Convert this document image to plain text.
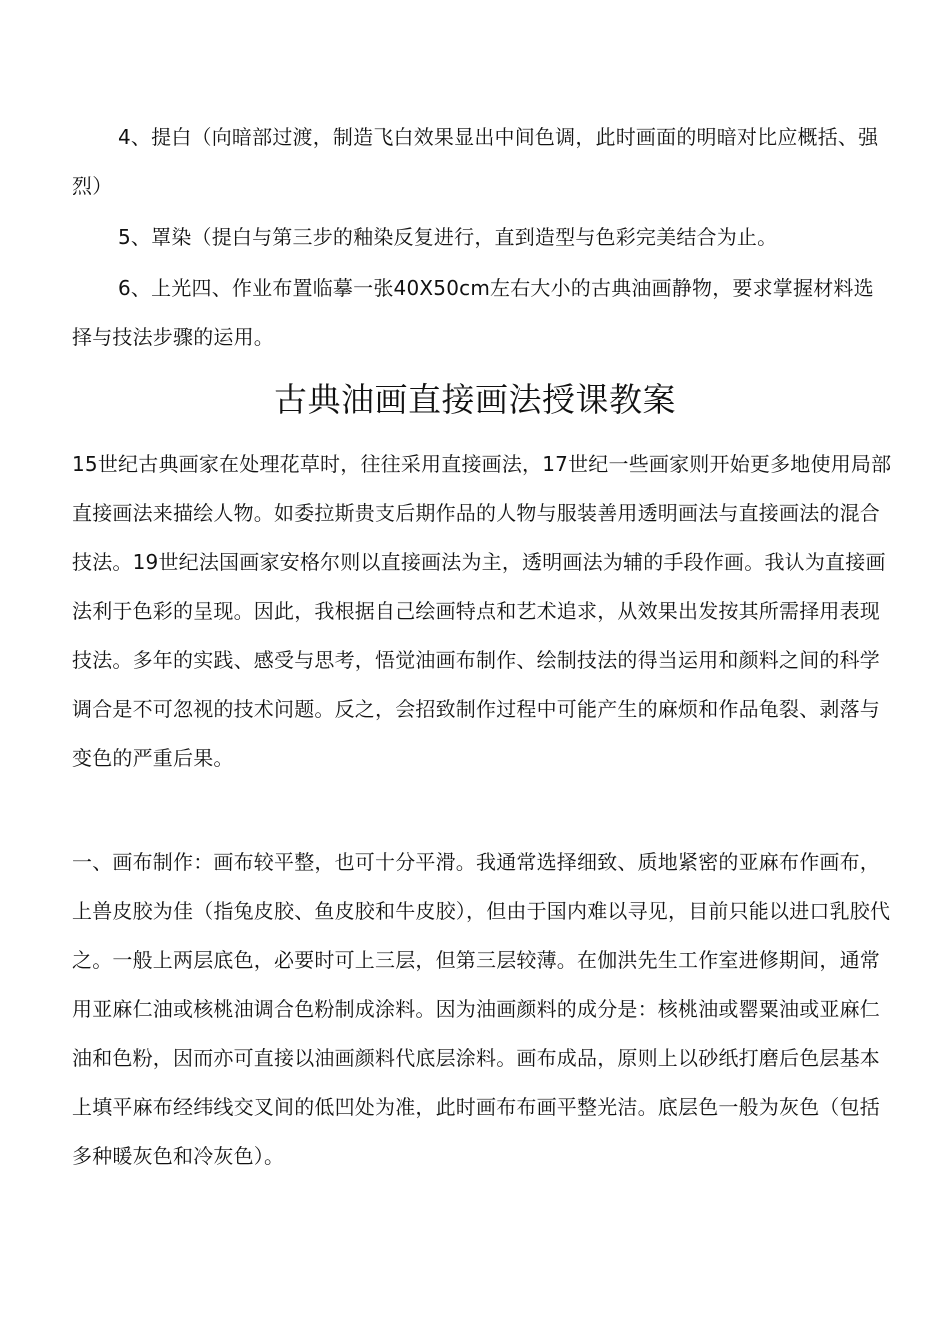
4、提白（向暗部过渡，制造飞白效果显出中间色调，此时画面的明暗对比应概括、强烈）

5、罩染（提白与第三步的釉染反复进行，直到造型与色彩完美结合为止。

6、上光四、作业布置临摹一张40X50cm左右大小的古典油画静物，要求掌握材料选择与技法步骤的运用。

古典油画直接画法授课教案

15世纪古典画家在处理花草时，往往采用直接画法，17世纪一些画家则开始更多地使用局部直接画法来描绘人物。如委拉斯贵支后期作品的人物与服装善用透明画法与直接画法的混合技法。19世纪法国画家安格尔则以直接画法为主，透明画法为辅的手段作画。我认为直接画法利于色彩的呈现。因此，我根据自己绘画特点和艺术追求，从效果出发按其所需择用表现技法。多年的实践、感受与思考，悟觉油画布制作、绘制技法的得当运用和颜料之间的科学调合是不可忽视的技术问题。反之，会招致制作过程中可能产生的麻烦和作品龟裂、剥落与变色的严重后果。

一、画布制作：画布较平整，也可十分平滑。我通常选择细致、质地紧密的亚麻布作画布，上兽皮胶为佳（指兔皮胶、鱼皮胶和牛皮胶），但由于国内难以寻见，目前只能以进口乳胶代之。一般上两层底色，必要时可上三层，但第三层较薄。在伽洪先生工作室进修期间，通常用亚麻仁油或核桃油调合色粉制成涂料。因为油画颜料的成分是：核桃油或罂粟油或亚麻仁油和色粉，因而亦可直接以油画颜料代底层涂料。画布成品，原则上以砂纸打磨后色层基本上填平麻布经纬线交叉间的低凹处为准，此时画布布画平整光洁。底层色一般为灰色（包括多种暖灰色和冷灰色）。
